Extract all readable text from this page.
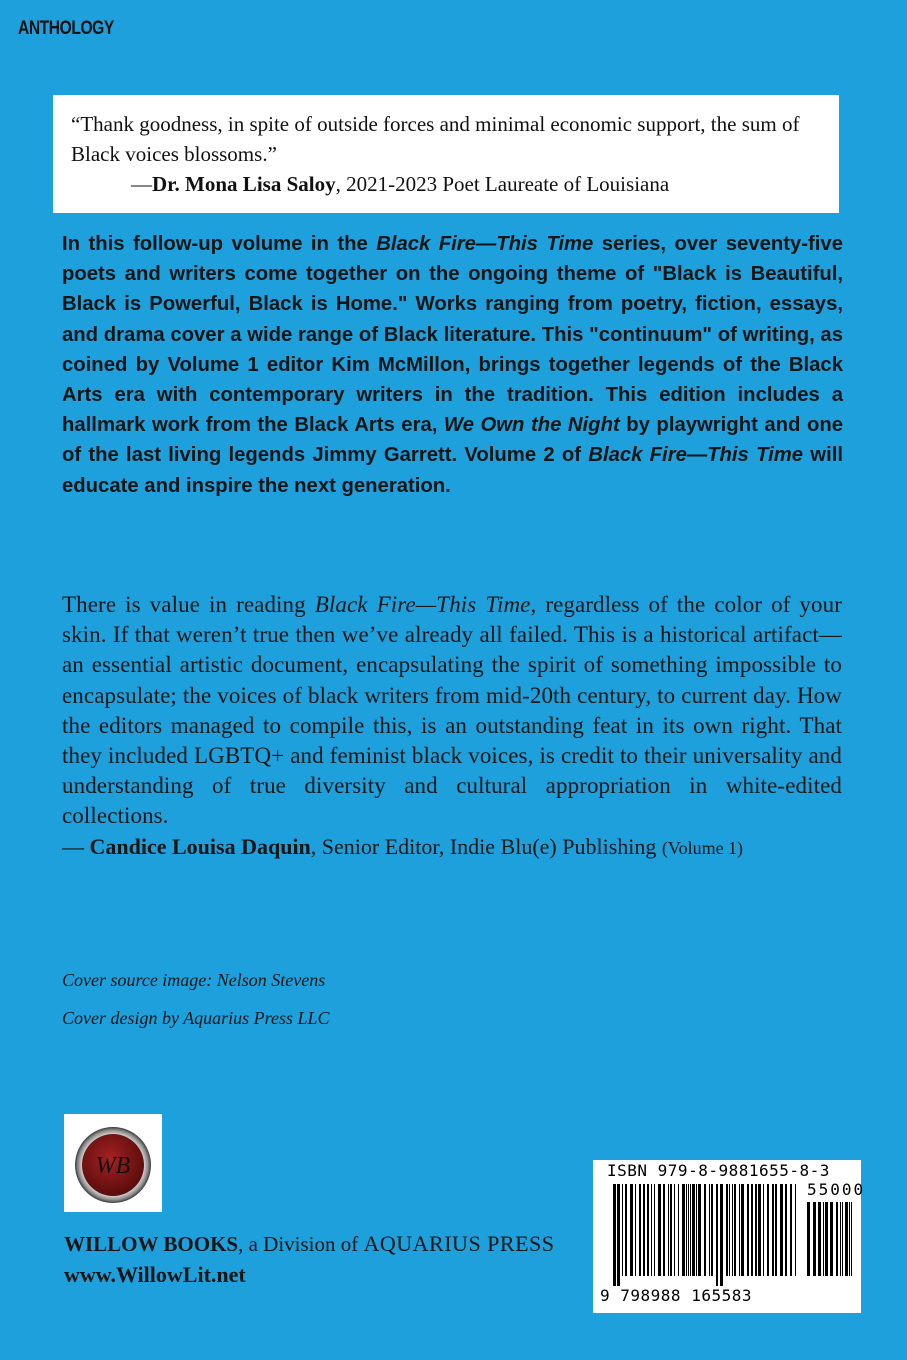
ANTHOLOGY

“Thank goodness, in spite of outside forces and minimal economic support, the sum of Black voices blossoms.”

—Dr. Mona Lisa Saloy, 2021-2023 Poet Laureate of Louisiana

In this follow-up volume in the Black Fire—This Time series, over seventy-five poets and writers come together on the ongoing theme of "Black is Beautiful, Black is Powerful, Black is Home." Works ranging from poetry, fiction, essays, and drama cover a wide range of Black literature. This "continuum" of writing, as coined by Volume 1 editor Kim McMillon, brings together legends of the Black Arts era with contemporary writers in the tradition. This edition includes a hallmark work from the Black Arts era, We Own the Night by playwright and one of the last living legends Jimmy Garrett. Volume 2 of Black Fire—This Time will educate and inspire the next generation.

There is value in reading Black Fire—This Time, regardless of the color of your skin. If that weren’t true then we’ve already all failed. This is a historical artifact—an essential artistic document, encapsulating the spirit of something impossible to encapsulate; the voices of black writers from mid-20th century, to current day. How the editors managed to compile this, is an outstanding feat in its own right. That they included LGBTQ+ and feminist black voices, is credit to their universality and understanding of true diversity and cultural appropriation in white-edited collections.

— Candice Louisa Daquin, Senior Editor, Indie Blu(e) Publishing (Volume 1)

Cover source image: Nelson Stevens
Cover design by Aquarius Press LLC
WB

WILLOW BOOKS, a Division of AQUARIUS PRESS

www.WillowLit.net
ISBN 979-8-9881655-8-3
55000
9 798988 165583
